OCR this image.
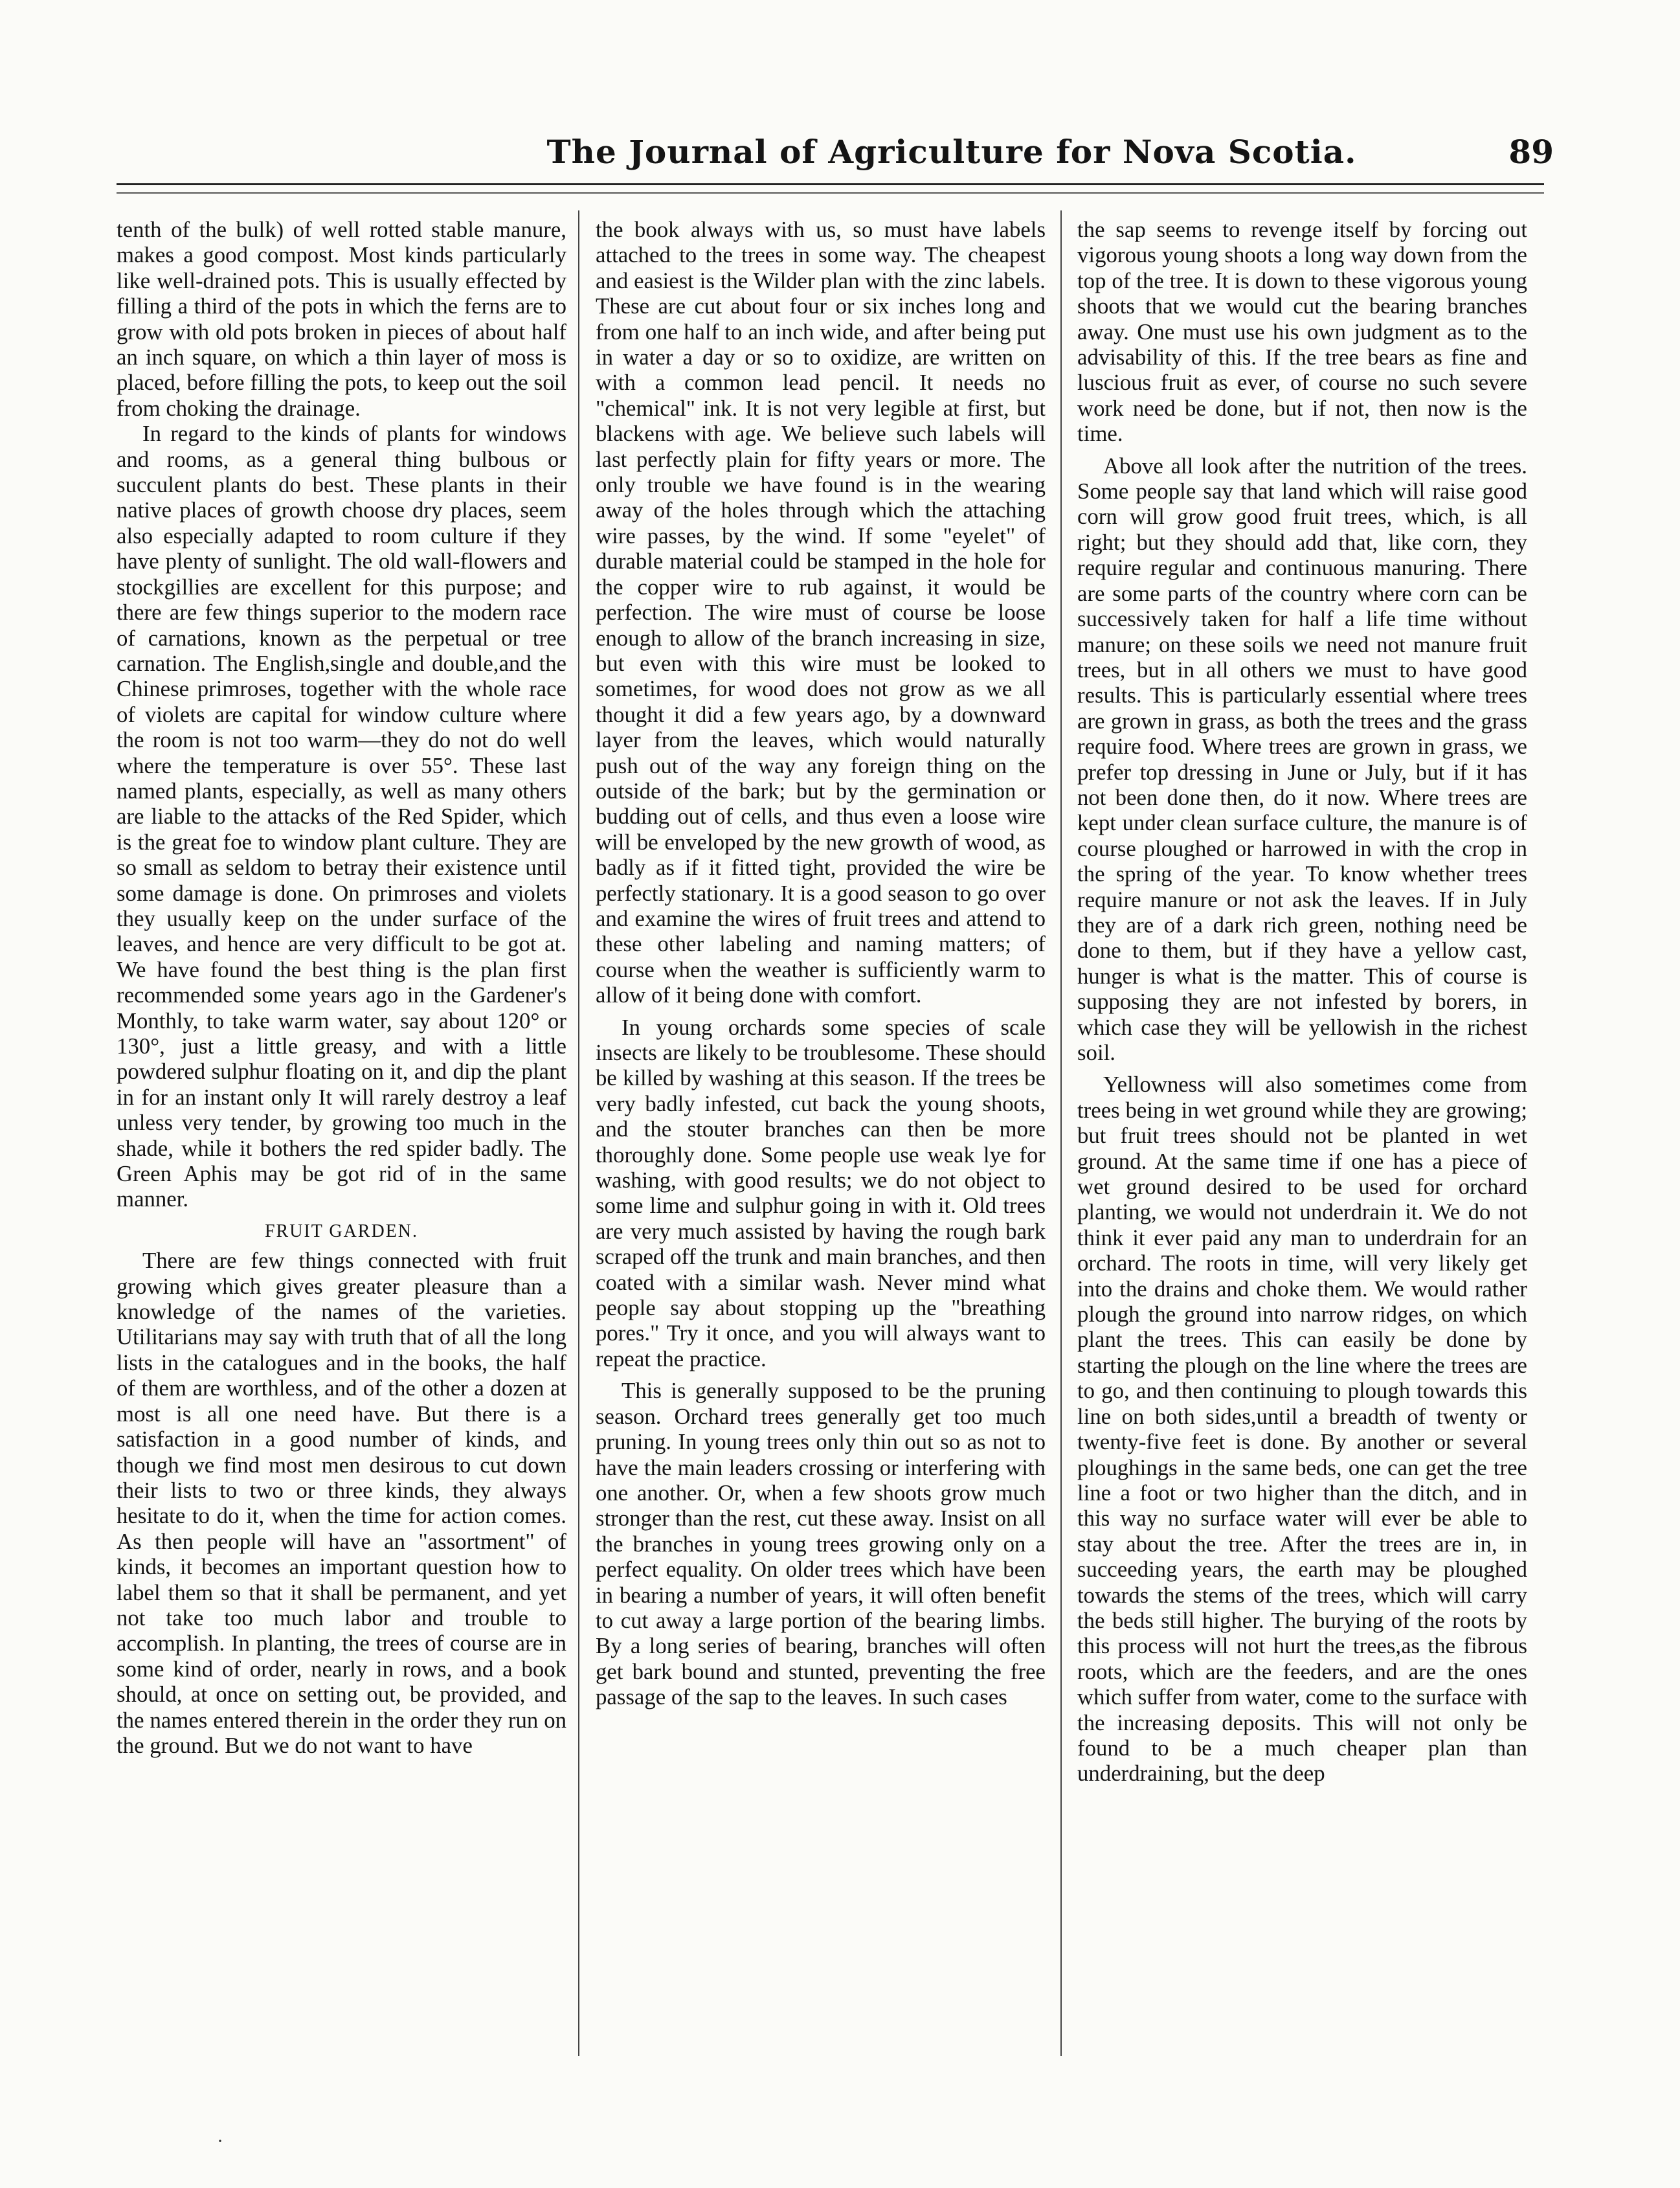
The Journal of Agriculture for Nova Scotia.	89

tenth of the bulk) of well rotted stable manure, makes a good compost. Most kinds particularly like well-drained pots. This is usually effected by filling a third of the pots in which the ferns are to grow with old pots broken in pieces of about half an inch square, on which a thin layer of moss is placed, before filling the pots, to keep out the soil from choking the drainage.

In regard to the kinds of plants for windows and rooms, as a general thing bulbous or succulent plants do best. These plants in their native places of growth choose dry places, seem also especially adapted to room culture if they have plenty of sunlight. The old wall-flowers and stockgillies are excellent for this purpose; and there are few things superior to the modern race of carnations, known as the perpetual or tree carnation. The English,single and double,and the Chinese primroses, together with the whole race of violets are capital for window culture where the room is not too warm—they do not do well where the temperature is over 55°. These last named plants, especially, as well as many others are liable to the attacks of the Red Spider, which is the great foe to window plant culture. They are so small as seldom to betray their existence until some damage is done. On primroses and violets they usually keep on the under surface of the leaves, and hence are very difficult to be got at. We have found the best thing is the plan first recommended some years ago in the Gardener's Monthly, to take warm water, say about 120° or 130°, just a little greasy, and with a little powdered sulphur floating on it, and dip the plant in for an instant only It will rarely destroy a leaf unless very tender, by growing too much in the shade, while it bothers the red spider badly. The Green Aphis may be got rid of in the same manner.

FRUIT GARDEN.

There are few things connected with fruit growing which gives greater pleasure than a knowledge of the names of the varieties. Utilitarians may say with truth that of all the long lists in the catalogues and in the books, the half of them are worthless, and of the other a dozen at most is all one need have. But there is a satisfaction in a good number of kinds, and though we find most men desirous to cut down their lists to two or three kinds, they always hesitate to do it, when the time for action comes. As then people will have an "assortment" of kinds, it becomes an important question how to label them so that it shall be permanent, and yet not take too much labor and trouble to accomplish. In planting, the trees of course are in some kind of order, nearly in rows, and a book should, at once on setting out, be provided, and the names entered therein in the order they run on the ground. But we do not want to have

the book always with us, so must have labels attached to the trees in some way. The cheapest and easiest is the Wilder plan with the zinc labels. These are cut about four or six inches long and from one half to an inch wide, and after being put in water a day or so to oxidize, are written on with a common lead pencil. It needs no "chemical" ink. It is not very legible at first, but blackens with age. We believe such labels will last perfectly plain for fifty years or more. The only trouble we have found is in the wearing away of the holes through which the attaching wire passes, by the wind. If some "eyelet" of durable material could be stamped in the hole for the copper wire to rub against, it would be perfection. The wire must of course be loose enough to allow of the branch increasing in size, but even with this wire must be looked to sometimes, for wood does not grow as we all thought it did a few years ago, by a downward layer from the leaves, which would naturally push out of the way any foreign thing on the outside of the bark; but by the germination or budding out of cells, and thus even a loose wire will be enveloped by the new growth of wood, as badly as if it fitted tight, provided the wire be perfectly stationary. It is a good season to go over and examine the wires of fruit trees and attend to these other labeling and naming matters; of course when the weather is sufficiently warm to allow of it being done with comfort.

In young orchards some species of scale insects are likely to be troublesome. These should be killed by washing at this season. If the trees be very badly infested, cut back the young shoots, and the stouter branches can then be more thoroughly done. Some people use weak lye for washing, with good results; we do not object to some lime and sulphur going in with it. Old trees are very much assisted by having the rough bark scraped off the trunk and main branches, and then coated with a similar wash. Never mind what people say about stopping up the "breathing pores." Try it once, and you will always want to repeat the practice.

This is generally supposed to be the pruning season. Orchard trees generally get too much pruning. In young trees only thin out so as not to have the main leaders crossing or interfering with one another. Or, when a few shoots grow much stronger than the rest, cut these away. Insist on all the branches in young trees growing only on a perfect equality. On older trees which have been in bearing a number of years, it will often benefit to cut away a large portion of the bearing limbs. By a long series of bearing, branches will often get bark bound and stunted, preventing the free passage of the sap to the leaves. In such cases

the sap seems to revenge itself by forcing out vigorous young shoots a long way down from the top of the tree. It is down to these vigorous young shoots that we would cut the bearing branches away. One must use his own judgment as to the advisability of this. If the tree bears as fine and luscious fruit as ever, of course no such severe work need be done, but if not, then now is the time.

Above all look after the nutrition of the trees. Some people say that land which will raise good corn will grow good fruit trees, which, is all right; but they should add that, like corn, they require regular and continuous manuring. There are some parts of the country where corn can be successively taken for half a life time without manure; on these soils we need not manure fruit trees, but in all others we must to have good results. This is particularly essential where trees are grown in grass, as both the trees and the grass require food. Where trees are grown in grass, we prefer top dressing in June or July, but if it has not been done then, do it now. Where trees are kept under clean surface culture, the manure is of course ploughed or harrowed in with the crop in the spring of the year. To know whether trees require manure or not ask the leaves. If in July they are of a dark rich green, nothing need be done to them, but if they have a yellow cast, hunger is what is the matter. This of course is supposing they are not infested by borers, in which case they will be yellowish in the richest soil.

Yellowness will also sometimes come from trees being in wet ground while they are growing; but fruit trees should not be planted in wet ground. At the same time if one has a piece of wet ground desired to be used for orchard planting, we would not underdrain it. We do not think it ever paid any man to underdrain for an orchard. The roots in time, will very likely get into the drains and choke them. We would rather plough the ground into narrow ridges, on which plant the trees. This can easily be done by starting the plough on the line where the trees are to go, and then continuing to plough towards this line on both sides,until a breadth of twenty or twenty-five feet is done. By another or several ploughings in the same beds, one can get the tree line a foot or two higher than the ditch, and in this way no surface water will ever be able to stay about the tree. After the trees are in, in succeeding years, the earth may be ploughed towards the stems of the trees, which will carry the beds still higher. The burying of the roots by this process will not hurt the trees,as the fibrous roots, which are the feeders, and are the ones which suffer from water, come to the surface with the increasing deposits. This will not only be found to be a much cheaper plan than underdraining, but the deep

·
